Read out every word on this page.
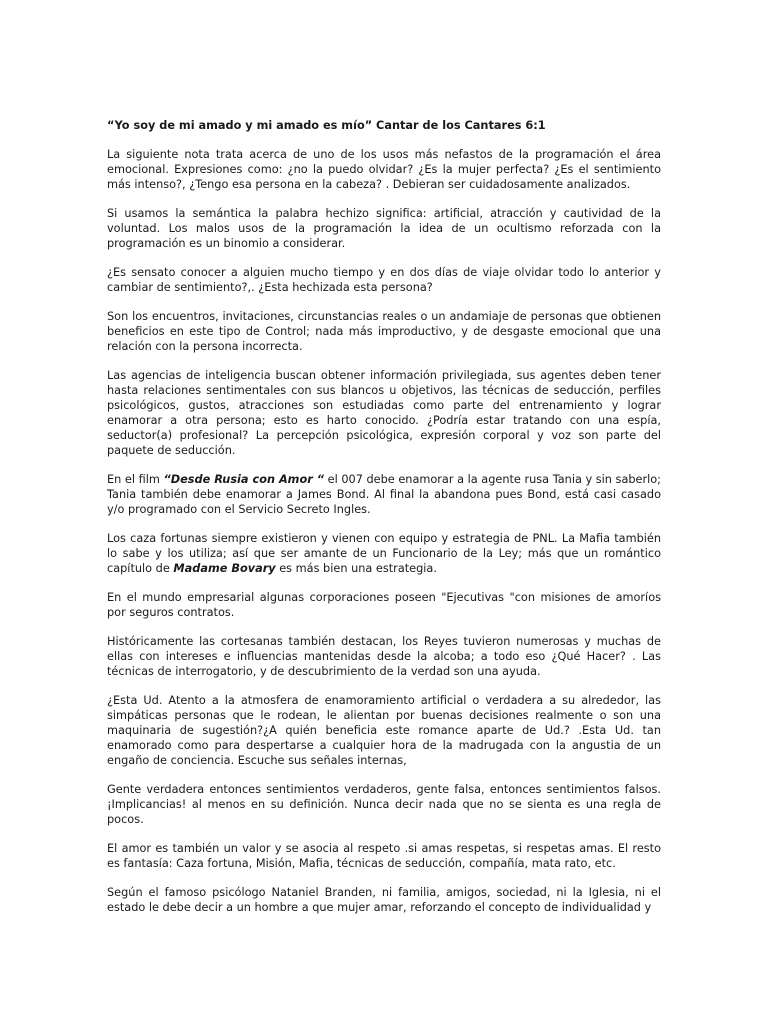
“Yo soy de mi amado y mi amado es mío” Cantar de los Cantares 6:1

La siguiente nota trata acerca de uno de los usos más nefastos de la programación el área emocional. Expresiones como: ¿no la puedo olvidar? ¿Es la mujer perfecta? ¿Es el sentimiento más intenso?, ¿Tengo esa persona en la cabeza? . Debieran ser cuidadosamente analizados.

Si usamos la semántica la palabra hechizo significa: artificial, atracción y cautividad de la voluntad. Los malos usos de la programación la idea de un ocultismo reforzada con la programación es un binomio a considerar.

¿Es sensato conocer a alguien mucho tiempo y en dos días de viaje olvidar todo lo anterior y cambiar de sentimiento?,. ¿Esta hechizada esta persona?

Son los encuentros, invitaciones, circunstancias reales o un andamiaje de personas que obtienen beneficios en este tipo de Control; nada más improductivo, y de desgaste emocional que una relación con la persona incorrecta.

Las agencias de inteligencia buscan obtener información privilegiada, sus agentes deben tener hasta relaciones sentimentales con sus blancos u objetivos, las técnicas de seducción, perfiles psicológicos, gustos, atracciones son estudiadas como parte del entrenamiento y lograr enamorar a otra persona; esto es harto conocido. ¿Podría estar tratando con una espía, seductor(a) profesional? La percepción psicológica, expresión corporal y voz son parte del paquete de seducción.

En el film “Desde Rusia con Amor “ el 007 debe enamorar a la agente rusa Tania y sin saberlo; Tania también debe enamorar a James Bond. Al final la abandona pues Bond, está casi casado y/o programado con el Servicio Secreto Ingles.

Los caza fortunas siempre existieron y vienen con equipo y estrategia de PNL. La Mafia también lo sabe y los utiliza; así que ser amante de un Funcionario de la Ley; más que un romántico capítulo de Madame Bovary es más bien una estrategia.

En el mundo empresarial algunas corporaciones poseen "Ejecutivas "con misiones de amoríos por seguros contratos.

Históricamente las cortesanas también destacan, los Reyes tuvieron numerosas y muchas de ellas con intereses e influencias mantenidas desde la alcoba; a todo eso ¿Qué Hacer? . Las técnicas de interrogatorio, y de descubrimiento de la verdad son una ayuda.

¿Esta Ud. Atento a la atmosfera de enamoramiento artificial o verdadera a su alrededor, las simpáticas personas que le rodean, le alientan por buenas decisiones realmente o son una maquinaria de sugestión?¿A quién beneficia este romance aparte de Ud.? .Esta Ud. tan enamorado como para despertarse a cualquier hora de la madrugada con la angustia de un engaño de conciencia. Escuche sus señales internas,

Gente verdadera entonces sentimientos verdaderos, gente falsa, entonces sentimientos falsos. ¡Implicancias! al menos en su definición. Nunca decir nada que no se sienta es una regla de pocos.

El amor es también un valor y se asocia al respeto .si amas respetas, si respetas amas. El resto es fantasía: Caza fortuna, Misión, Mafia, técnicas de seducción, compañía, mata rato, etc.

Según el famoso psicólogo Nataniel Branden, ni familia, amigos, sociedad, ni la Iglesia, ni el estado le debe decir a un hombre a que mujer amar, reforzando el concepto de individualidad y
